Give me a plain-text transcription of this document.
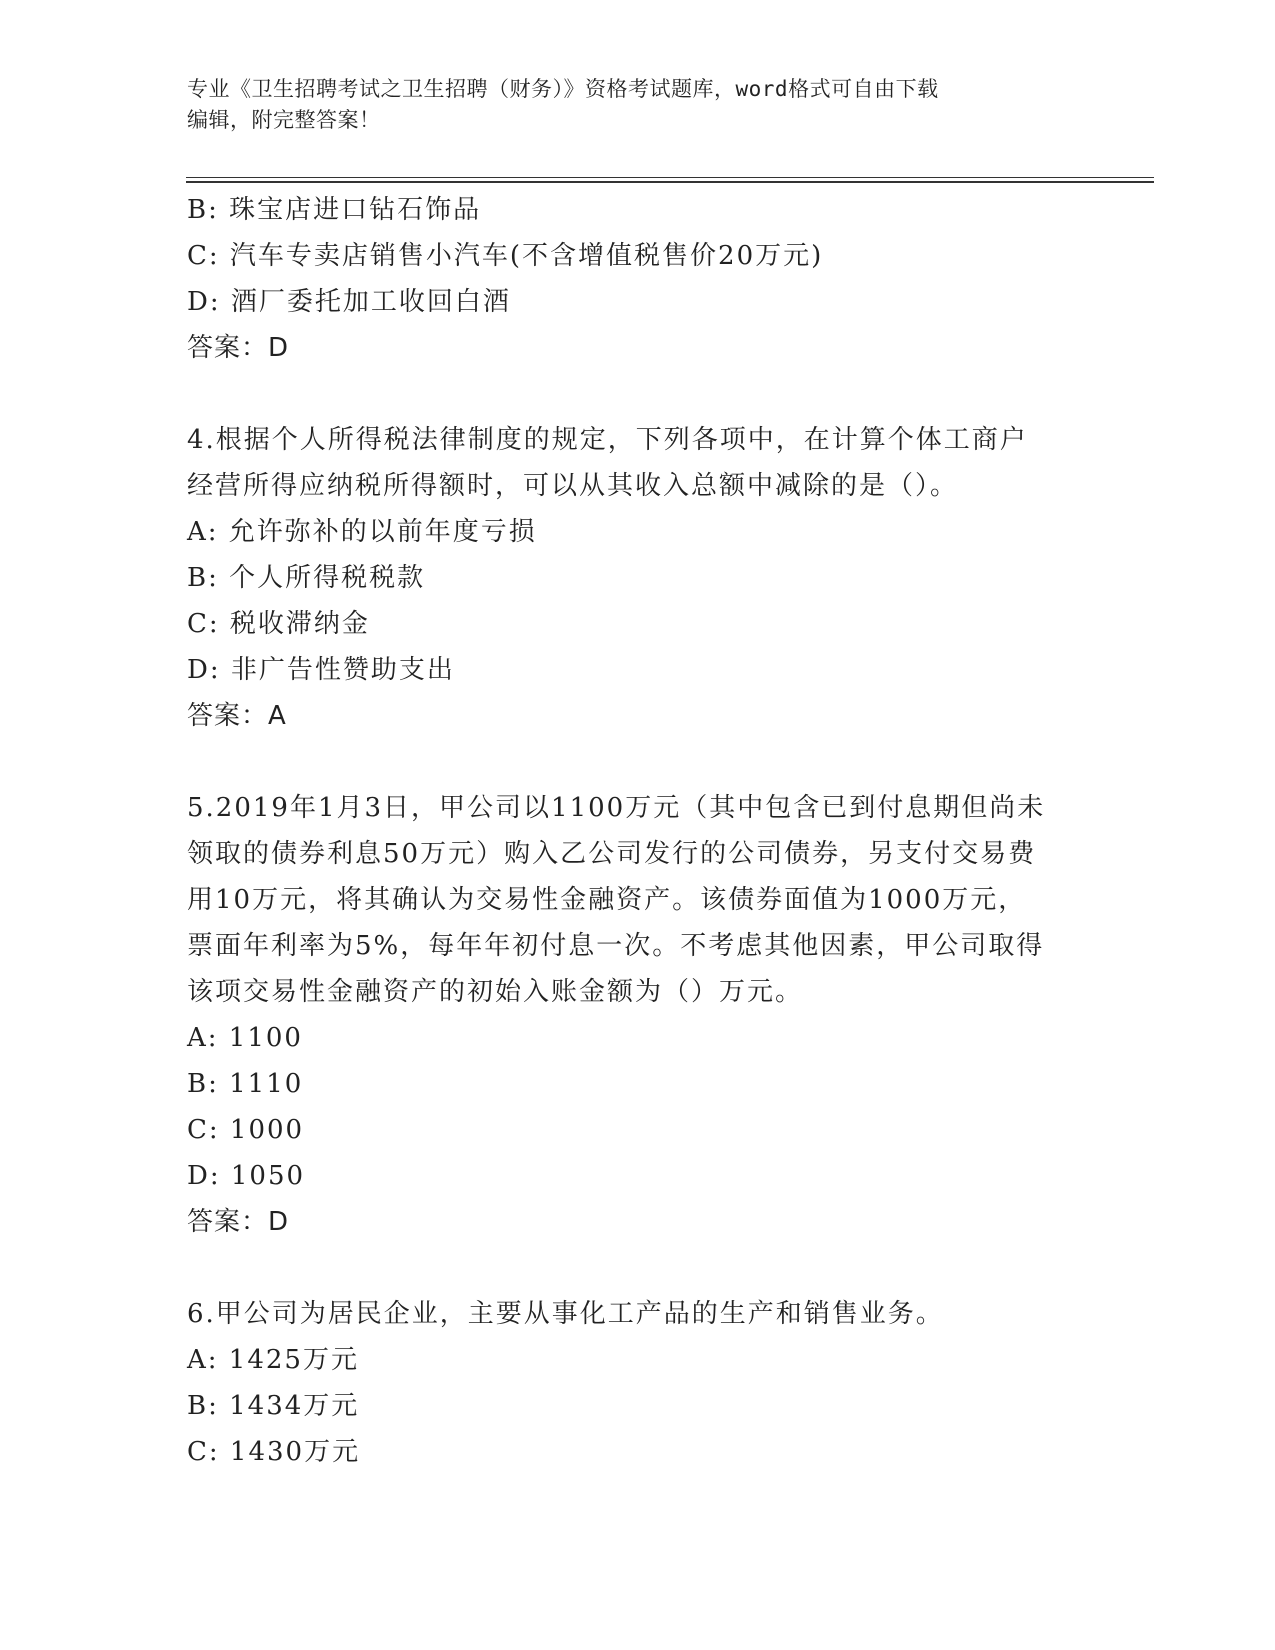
专业《卫生招聘考试之卫生招聘（财务）》资格考试题库，word格式可自由下载
编辑，附完整答案！
B: 珠宝店进口钻石饰品
C: 汽车专卖店销售小汽车(不含增值税售价20万元)
D: 酒厂委托加工收回白酒
答案：D
4.根据个人所得税法律制度的规定，下列各项中，在计算个体工商户
经营所得应纳税所得额时，可以从其收入总额中减除的是（）。
A: 允许弥补的以前年度亏损
B: 个人所得税税款
C: 税收滞纳金
D: 非广告性赞助支出
答案：A
5.2019年1月3日，甲公司以1100万元（其中包含已到付息期但尚未
领取的债券利息50万元）购入乙公司发行的公司债券，另支付交易费
用10万元，将其确认为交易性金融资产。该债券面值为1000万元，
票面年利率为5%，每年年初付息一次。不考虑其他因素，甲公司取得
该项交易性金融资产的初始入账金额为（）万元。
A: 1100
B: 1110
C: 1000
D: 1050
答案：D
6.甲公司为居民企业，主要从事化工产品的生产和销售业务。
A: 1425万元
B: 1434万元
C: 1430万元
